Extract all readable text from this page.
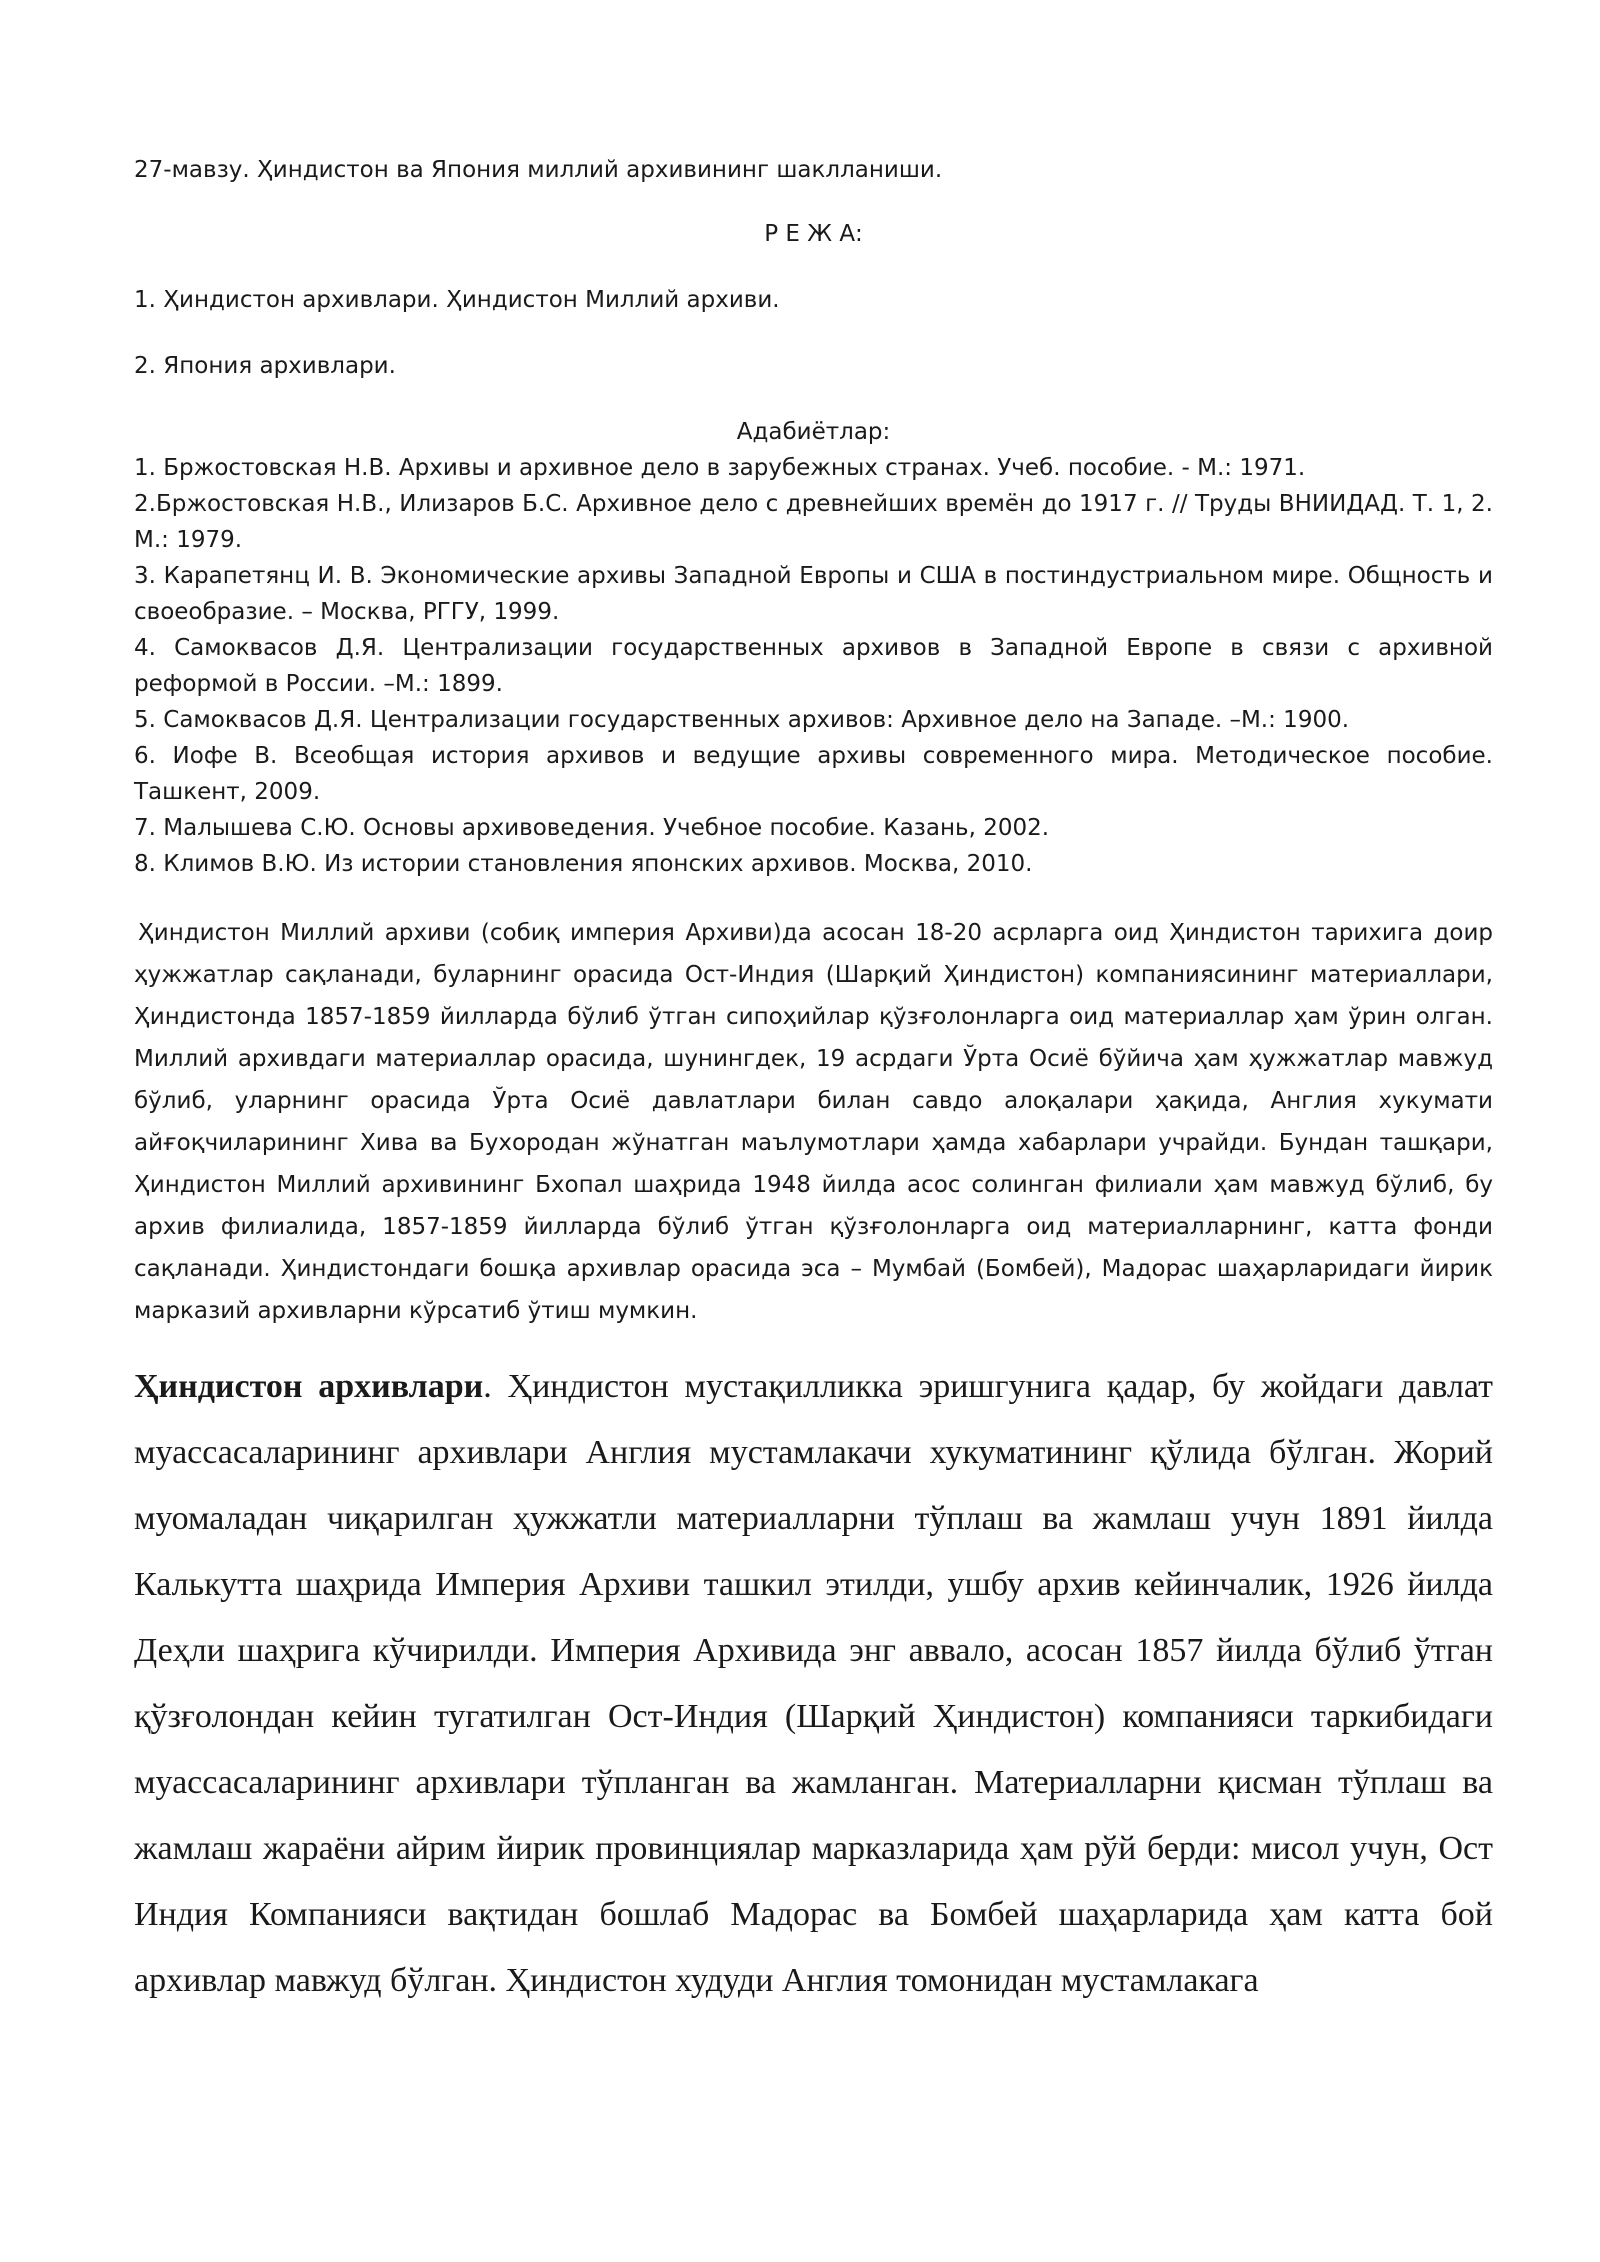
27-мавзу. Ҳиндистон ва Япония миллий архивининг шаклланиши.

Р Е Ж А:

1. Ҳиндистон архивлари. Ҳиндистон Миллий архиви.

2. Япония архивлари.

Адабиётлар:

1. Бржостовская Н.В. Архивы и архивное дело в зарубежных странах. Учеб. пособие. - М.: 1971.

2.Бржостовская Н.В., Илизаров Б.С. Архивное дело с древнейших времён до 1917 г. // Труды ВНИИДАД. Т. 1, 2. М.: 1979.

3. Карапетянц И. В. Экономические архивы Западной Европы и США в постиндустриальном мире. Общность и своеобразие. – Москва, РГГУ, 1999.

4. Самоквасов Д.Я. Централизации государственных архивов в Западной Европе в связи с архивной реформой в России. –М.: 1899.

5. Самоквасов Д.Я. Централизации государственных архивов: Архивное дело на Западе. –М.: 1900.

6. Иофе В. Всеобщая история архивов и ведущие архивы современного мира. Методическое пособие. Ташкент, 2009.

7. Малышева С.Ю. Основы архивоведения. Учебное пособие. Казань, 2002.

8. Климов В.Ю. Из истории становления японских архивов. Москва, 2010.

Ҳиндистон Миллий архиви (собиқ империя Архиви)да асосан 18-20 асрларга оид Ҳиндистон тарихига доир ҳужжатлар сақланади, буларнинг орасида Ост-Индия (Шарқий Ҳиндистон) компаниясининг материаллари, Ҳиндистонда 1857-1859 йилларда бўлиб ўтган сипоҳийлар қўзғолонларга оид материаллар ҳам ўрин олган. Миллий архивдаги материаллар орасида, шунингдек, 19 асрдаги Ўрта Осиё бўйича ҳам ҳужжатлар мавжуд бўлиб, уларнинг орасида Ўрта Осиё давлатлари билан савдо алоқалари ҳақида, Англия хукумати айғоқчиларининг Хива ва Бухородан жўнатган маълумотлари ҳамда хабарлари учрайди. Бундан ташқари, Ҳиндистон Миллий архивининг Бхопал шаҳрида 1948 йилда асос солинган филиали ҳам мавжуд бўлиб, бу архив филиалида, 1857-1859 йилларда бўлиб ўтган қўзғолонларга оид материалларнинг, катта фонди сақланади. Ҳиндистондаги бошқа архивлар орасида эса – Мумбай (Бомбей), Мадорас шаҳарларидаги йирик марказий архивларни кўрсатиб ўтиш мумкин.

Ҳиндистон архивлари. Ҳиндистон мустақилликка эришгунига қадар, бу жойдаги давлат муассасаларининг архивлари Англия мустамлакачи хукуматининг қўлида бўлган. Жорий муомаладан чиқарилган ҳужжатли материалларни тўплаш ва жамлаш учун 1891 йилда Калькутта шаҳрида Империя Архиви ташкил этилди, ушбу архив кейинчалик, 1926 йилда Деҳли шаҳрига кўчирилди. Империя Архивида энг аввало, асосан 1857 йилда бўлиб ўтган қўзғолондан кейин тугатилган Ост-Индия (Шарқий Ҳиндистон) компанияси таркибидаги муассасаларининг архивлари тўпланган ва жамланган. Материалларни қисман тўплаш ва жамлаш жараёни айрим йирик провинциялар марказларида ҳам рўй берди: мисол учун, Ост Индия Компанияси вақтидан бошлаб Мадорас ва Бомбей шаҳарларида ҳам катта бой архивлар мавжуд бўлган. Ҳиндистон худуди Англия томонидан мустамлакага
